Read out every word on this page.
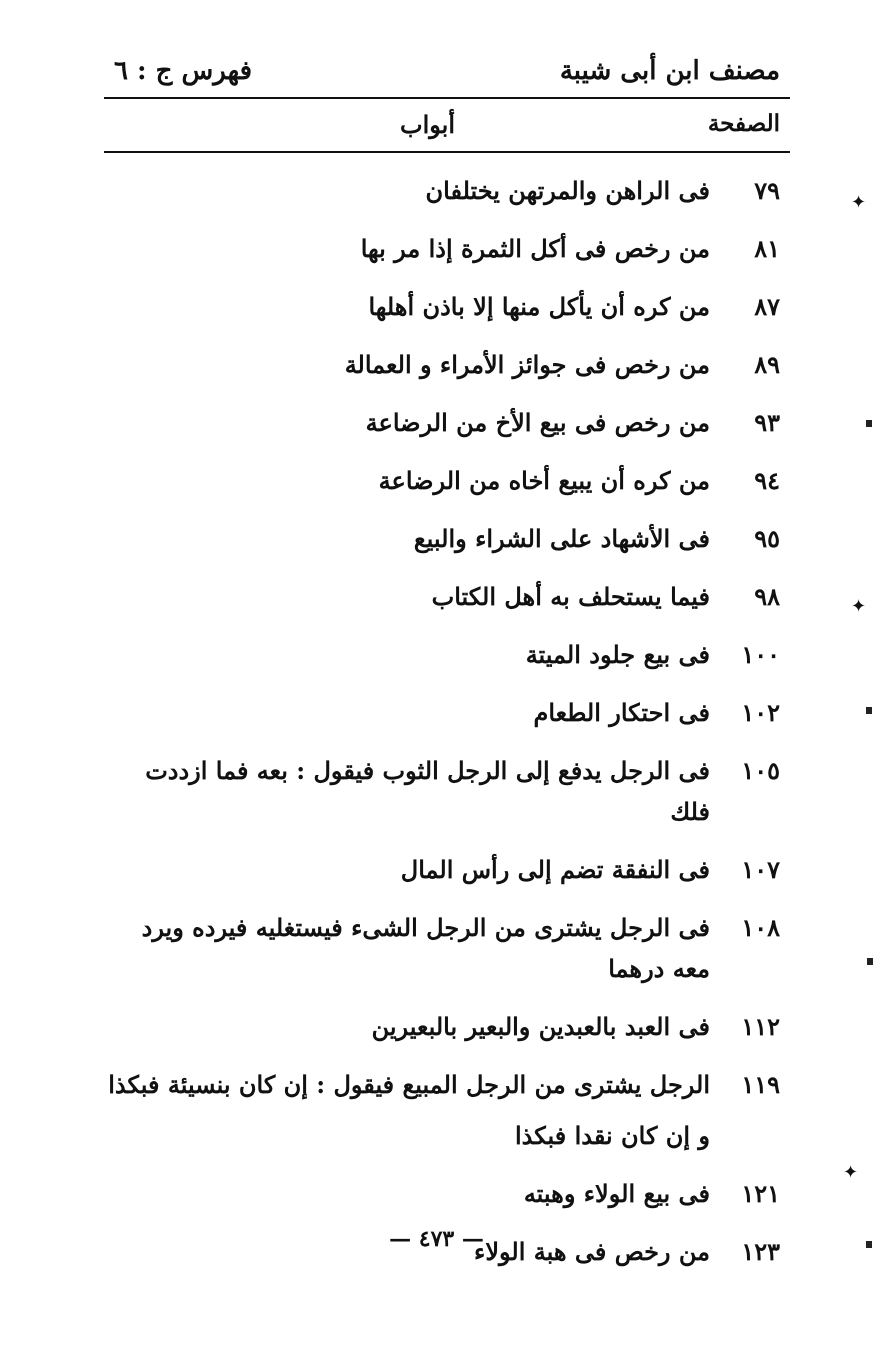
مصنف ابن أبى شيبة
فهرس ج : ٦
الصفحة
أبواب
٧٩
فى الراهن والمرتهن يختلفان
٨١
من رخص فى أكل الثمرة إذا مر بها
٨٧
من كره أن يأكل منها إلا باذن أهلها
٨٩
من رخص فى جوائز الأمراء و العمالة
٩٣
من رخص فى بيع الأخ من الرضاعة
٩٤
من كره أن يبيع أخاه من الرضاعة
٩٥
فى الأشهاد على الشراء والبيع
٩٨
فيما يستحلف به أهل الكتاب
١٠٠
فى بيع جلود الميتة
١٠٢
فى احتكار الطعام
١٠٥
فى الرجل يدفع إلى الرجل الثوب فيقول : بعه فما ازددت فلك
١٠٧
فى النفقة تضم إلى رأس المال
١٠٨
فى الرجل يشترى من الرجل الشىء فيستغليه فيرده ويرد معه درهما
١١٢
فى العبد بالعبدين والبعير بالبعيرين
١١٩
الرجل يشترى من الرجل المبيع فيقول : إن كان بنسيئة فبكذا
و إن كان نقدا فبكذا
١٢١
فى بيع الولاء وهبته
١٢٣
من رخص فى هبة الولاء
— ٤٧٣ —
✦
✦
✦
